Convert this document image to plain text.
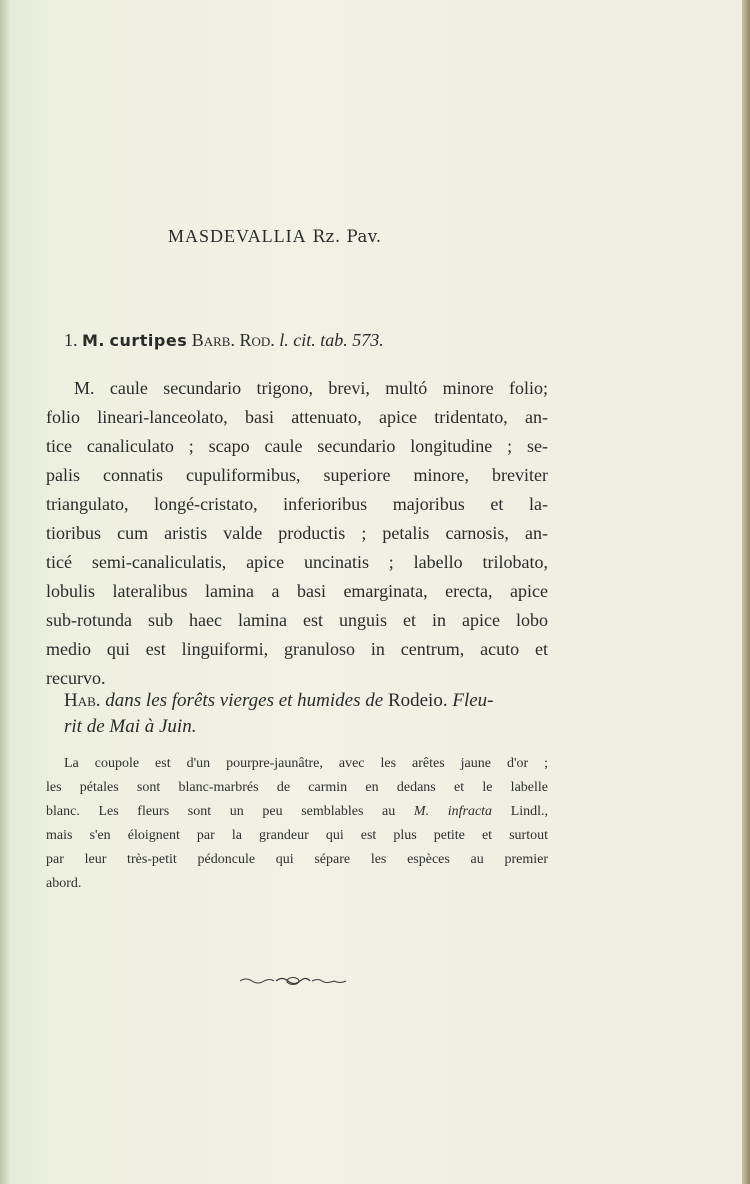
MASDEVALLIA Rz. Pav.
1. M. curtipes Barb. Rod. l. cit. tab. 573.
M. caule secundario trigono, brevi, multó minore folio;
folio lineari-lanceolato, basi attenuato, apice tridentato, an-
tice canaliculato ; scapo caule secundario longitudine ; se-
palis connatis cupuliformibus, superiore minore, breviter
triangulato, longé-cristato, inferioribus majoribus et la-
tioribus cum aristis valde productis ; petalis carnosis, an-
ticé semi-canaliculatis, apice uncinatis ; labello trilobato,
lobulis lateralibus lamina a basi emarginata, erecta, apice
sub-rotunda sub haec lamina est unguis et in apice lobo
medio qui est linguiformi, granuloso in centrum, acuto et
recurvo.
Hab. dans les forêts vierges et humides de Rodeio. Fleu-
rit de Mai à Juin.
La coupole est d'un pourpre-jaunâtre, avec les arêtes jaune d'or ;
les pétales sont blanc-marbrés de carmin en dedans et le labelle
blanc. Les fleurs sont un peu semblables au M. infracta Lindl.,
mais s'en éloignent par la grandeur qui est plus petite et surtout
par leur très-petit pédoncule qui sépare les espèces au premier
abord.
